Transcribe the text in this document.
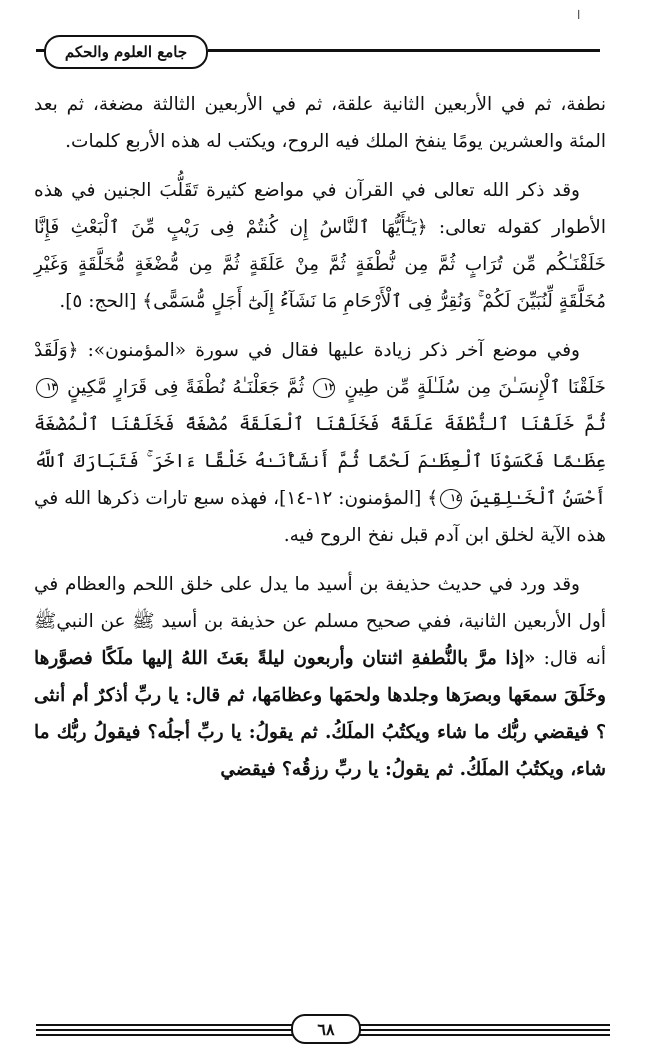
ا
جامع العلوم والحكم

نطفة، ثم في الأربعين الثانية علقة، ثم في الأربعين الثالثة مضغة، ثم بعد المئة والعشرين يومًا ينفخ الملك فيه الروح، ويكتب له هذه الأربع كلمات.

وقد ذكر الله تعالى في القرآن في مواضع كثيرة تَقَلُّبَ الجنين في هذه الأطوار كقوله تعالى: ﴿يَـٰٓأَيُّهَا ٱلنَّاسُ إِن كُنتُمْ فِى رَيْبٍ مِّنَ ٱلْبَعْثِ فَإِنَّا خَلَقْنَـٰكُم مِّن تُرَابٍ ثُمَّ مِن نُّطْفَةٍ ثُمَّ مِنْ عَلَقَةٍ ثُمَّ مِن مُّضْغَةٍ مُّخَلَّقَةٍ وَغَيْرِ مُخَلَّقَةٍ لِّنُبَيِّنَ لَكُمْ ۚ وَنُقِرُّ فِى ٱلْأَرْحَامِ مَا نَشَآءُ إِلَىٰٓ أَجَلٍ مُّسَمًّى﴾ [الحج: ٥].

وفي موضع آخر ذكر زيادة عليها فقال في سورة «المؤمنون»: ﴿وَلَقَدْ خَلَقْنَا ٱلْإِنسَـٰنَ مِن سُلَـٰلَةٍ مِّن طِينٍ ١٢ ثُمَّ جَعَلْنَـٰهُ نُطْفَةً فِى قَرَارٍ مَّكِينٍ ١٣ ثُمَّ خَلَقْنَا ٱلنُّطْفَةَ عَلَقَةً فَخَلَقْنَا ٱلْعَلَقَةَ مُضْغَةً فَخَلَقْنَا ٱلْمُضْغَةَ عِظَـٰمًا فَكَسَوْنَا ٱلْعِظَـٰمَ لَحْمًا ثُمَّ أَنشَأْنَـٰهُ خَلْقًا ءَاخَرَ ۚ فَتَبَارَكَ ٱللَّهُ أَحْسَنُ ٱلْخَـٰلِقِينَ ١٤﴾ [المؤمنون: ١٢-١٤]، فهذه سبع تارات ذكرها الله في هذه الآية لخلق ابن آدم قبل نفخ الروح فيه.

وقد ورد في حديث حذيفة بن أسيد ما يدل على خلق اللحم والعظام في أول الأربعين الثانية، ففي صحيح مسلم عن حذيفة بن أسيد ﷺ عن النبيﷺ أنه قال: «إذا مرَّ بالنُّطفةِ اثنتان وأربعون ليلةً بعَثَ اللهُ إليها ملَكًا فصوَّرها وخَلَقَ سمعَها وبصرَها وجلدها ولحمَها وعظامَها، ثم قال: يا ربِّ أذكرٌ أم أنثى ؟ فيقضي ربُّك ما شاء ويكتُبُ الملَكُ. ثم يقولُ: يا ربِّ أجلُه؟ فيقولُ ربُّك ما شاء، ويكتُبُ الملَكُ. ثم يقولُ: يا ربِّ رزقُه؟ فيقضي

٦٨
